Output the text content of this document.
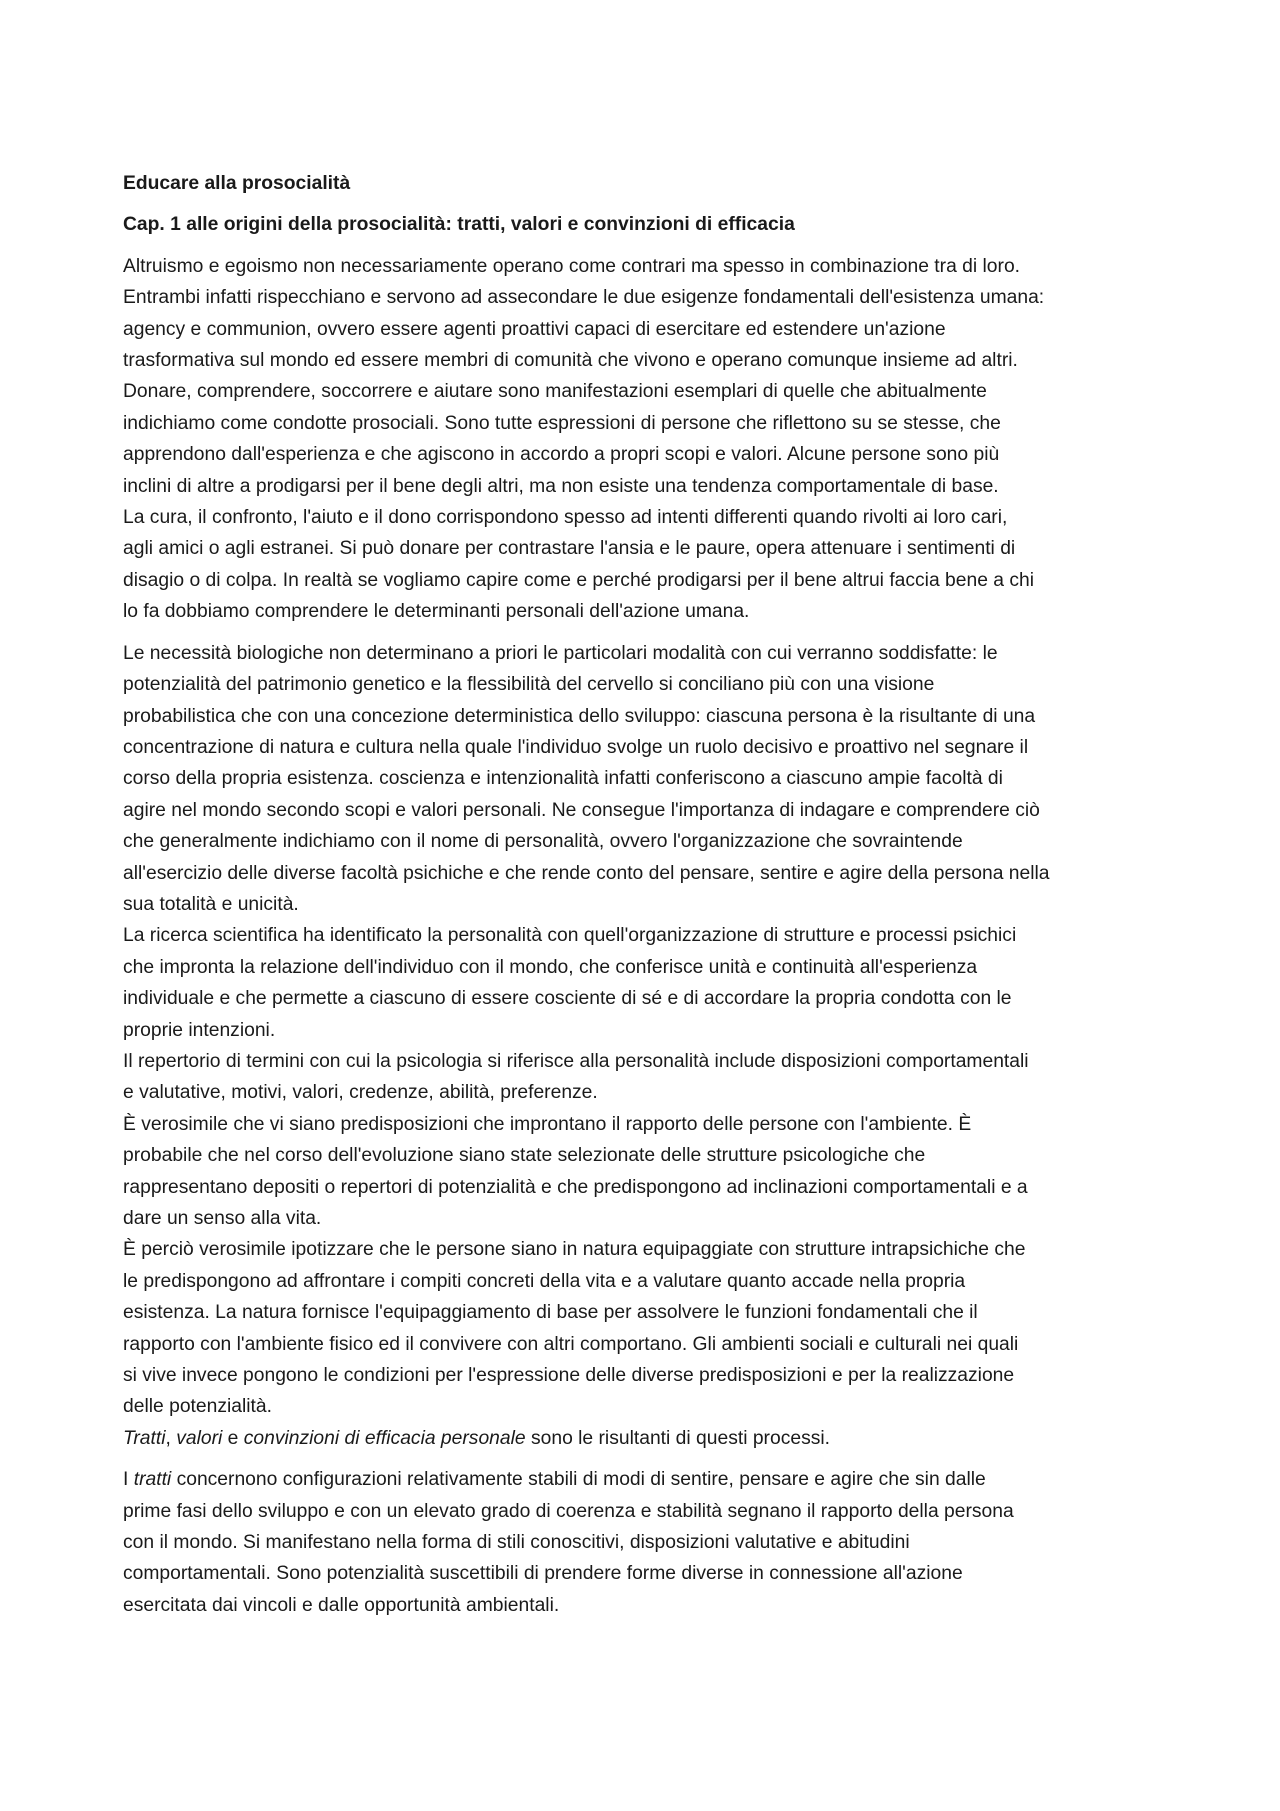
Educare alla prosocialità
Cap. 1 alle origini della prosocialità: tratti, valori e convinzioni di efficacia
Altruismo e egoismo non necessariamente operano come contrari ma spesso in combinazione tra di loro.
Entrambi infatti rispecchiano e servono ad assecondare le due esigenze fondamentali dell'esistenza umana:
agency e communion, ovvero essere agenti proattivi capaci di esercitare ed estendere un'azione
trasformativa sul mondo ed essere membri di comunità che vivono e operano comunque insieme ad altri.
Donare, comprendere, soccorrere e aiutare sono manifestazioni esemplari di quelle che abitualmente
indichiamo come condotte prosociali. Sono tutte espressioni di persone che riflettono su se stesse, che
apprendono dall'esperienza e che agiscono in accordo a propri scopi e valori. Alcune persone sono più
inclini di altre a prodigarsi per il bene degli altri, ma non esiste una tendenza comportamentale di base.
La cura, il confronto, l'aiuto e il dono corrispondono spesso ad intenti differenti quando rivolti ai loro cari,
agli amici o agli estranei. Si può donare per contrastare l'ansia e le paure, opera attenuare i sentimenti di
disagio o di colpa. In realtà se vogliamo capire come e perché prodigarsi per il bene altrui faccia bene a chi
lo fa dobbiamo comprendere le determinanti personali dell'azione umana.
Le necessità biologiche non determinano a priori le particolari modalità con cui verranno soddisfatte: le
potenzialità del patrimonio genetico e la flessibilità del cervello si conciliano più con una visione
probabilistica che con una concezione deterministica dello sviluppo: ciascuna persona è la risultante di una
concentrazione di natura e cultura nella quale l'individuo svolge un ruolo decisivo e proattivo nel segnare il
corso della propria esistenza. coscienza e intenzionalità infatti conferiscono a ciascuno ampie facoltà di
agire nel mondo secondo scopi e valori personali. Ne consegue l'importanza di indagare e comprendere ciò
che generalmente indichiamo con il nome di personalità, ovvero l'organizzazione che sovraintende
all'esercizio delle diverse facoltà psichiche e che rende conto del pensare, sentire e agire della persona nella
sua totalità e unicità.
La ricerca scientifica ha identificato la personalità con quell'organizzazione di strutture e processi psichici
che impronta la relazione dell'individuo con il mondo, che conferisce unità e continuità all'esperienza
individuale e che permette a ciascuno di essere cosciente di sé e di accordare la propria condotta con le
proprie intenzioni.
Il repertorio di termini con cui la psicologia si riferisce alla personalità include disposizioni comportamentali
e valutative, motivi, valori, credenze, abilità, preferenze.
È verosimile che vi siano predisposizioni che improntano il rapporto delle persone con l'ambiente. È
probabile che nel corso dell'evoluzione siano state selezionate delle strutture psicologiche che
rappresentano depositi o repertori di potenzialità e che predispongono ad inclinazioni comportamentali e a
dare un senso alla vita.
È perciò verosimile ipotizzare che le persone siano in natura equipaggiate con strutture intrapsichiche che
le predispongono ad affrontare i compiti concreti della vita e a valutare quanto accade nella propria
esistenza. La natura fornisce l'equipaggiamento di base per assolvere le funzioni fondamentali che il
rapporto con l'ambiente fisico ed il convivere con altri comportano. Gli ambienti sociali e culturali nei quali
si vive invece pongono le condizioni per l'espressione delle diverse predisposizioni e per la realizzazione
delle potenzialità.
Tratti, valori e convinzioni di efficacia personale sono le risultanti di questi processi.
I tratti concernono configurazioni relativamente stabili di modi di sentire, pensare e agire che sin dalle
prime fasi dello sviluppo e con un elevato grado di coerenza e stabilità segnano il rapporto della persona
con il mondo. Si manifestano nella forma di stili conoscitivi, disposizioni valutative e abitudini
comportamentali. Sono potenzialità suscettibili di prendere forme diverse in connessione all'azione
esercitata dai vincoli e dalle opportunità ambientali.
